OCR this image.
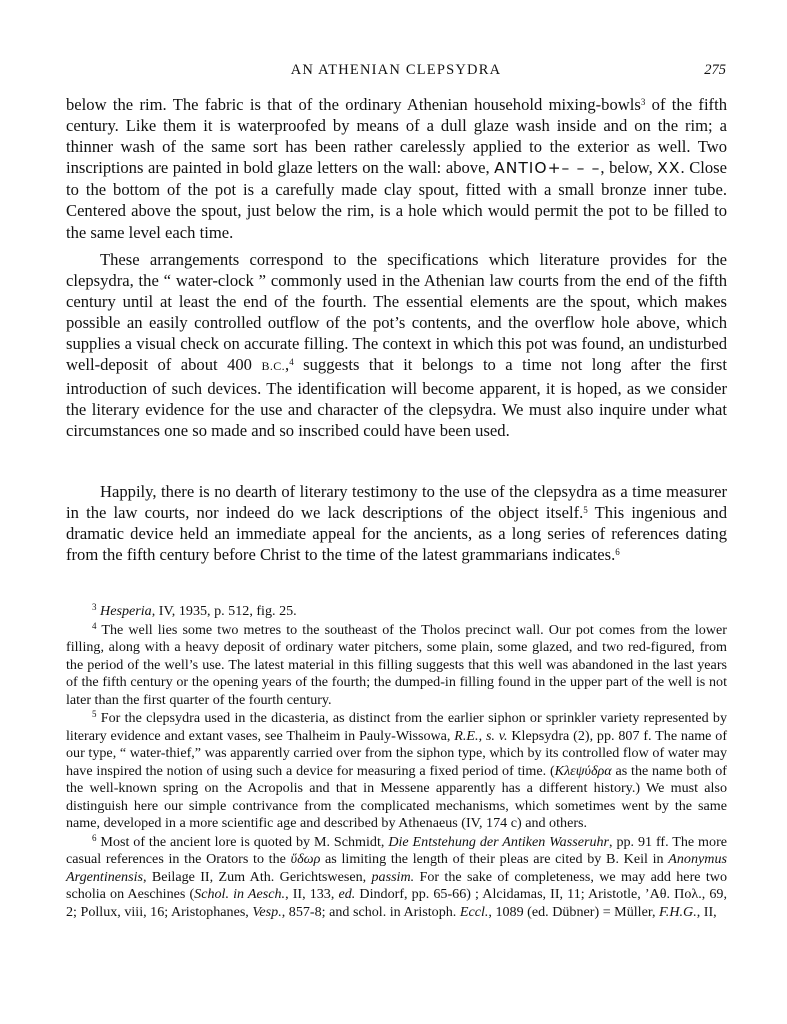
AN ATHENIAN CLEPSYDRA	275

below the rim. The fabric is that of the ordinary Athenian household mixing-bowls$^3$ of the fifth century. Like them it is waterproofed by means of a dull glaze wash inside and on the rim; a thinner wash of the same sort has been rather carelessly applied to the exterior as well. Two inscriptions are painted in bold glaze letters on the wall: above, ANTIO+– – –, below, XX. Close to the bottom of the pot is a carefully made clay spout, fitted with a small bronze inner tube. Centered above the spout, just below the rim, is a hole which would permit the pot to be filled to the same level each time.

These arrangements correspond to the specifications which literature provides for the clepsydra, the “ water-clock ” commonly used in the Athenian law courts from the end of the fifth century until at least the end of the fourth. The essential elements are the spout, which makes possible an easily controlled outflow of the pot’s contents, and the overflow hole above, which supplies a visual check on accurate filling. The context in which this pot was found, an undisturbed well-deposit of about 400 B.C.,$^4$ suggests that it belongs to a time not long after the first introduction of such devices. The identification will become apparent, it is hoped, as we consider the literary evidence for the use and character of the clepsydra. We must also inquire under what circumstances one so made and so inscribed could have been used.

Happily, there is no dearth of literary testimony to the use of the clepsydra as a time measurer in the law courts, nor indeed do we lack descriptions of the object itself.$^5$ This ingenious and dramatic device held an immediate appeal for the ancients, as a long series of references dating from the fifth century before Christ to the time of the latest grammarians indicates.$^6$

$^3$ Hesperia, IV, 1935, p. 512, fig. 25.

$^4$ The well lies some two metres to the southeast of the Tholos precinct wall. Our pot comes from the lower filling, along with a heavy deposit of ordinary water pitchers, some plain, some glazed, and two red-figured, from the period of the well’s use. The latest material in this filling suggests that this well was abandoned in the last years of the fifth century or the opening years of the fourth; the dumped-in filling found in the upper part of the well is not later than the first quarter of the fourth century.

$^5$ For the clepsydra used in the dicasteria, as distinct from the earlier siphon or sprinkler variety represented by literary evidence and extant vases, see Thalheim in Pauly-Wissowa, R.E., s. v. Klepsydra (2), pp. 807 f. The name of our type, “ water-thief,” was apparently carried over from the siphon type, which by its controlled flow of water may have inspired the notion of using such a device for measuring a fixed period of time. (Κλεψύδρα as the name both of the well-known spring on the Acropolis and that in Messene apparently has a different history.) We must also distinguish here our simple contrivance from the complicated mechanisms, which sometimes went by the same name, developed in a more scientific age and described by Athenaeus (IV, 174 c) and others.

$^6$ Most of the ancient lore is quoted by M. Schmidt, Die Entstehung der Antiken Wasseruhr, pp. 91 ff. The more casual references in the Orators to the ὕδωρ as limiting the length of their pleas are cited by B. Keil in Anonymus Argentinensis, Beilage II, Zum Ath. Gerichtswesen, passim. For the sake of completeness, we may add here two scholia on Aeschines (Schol. in Aesch., II, 133, ed. Dindorf, pp. 65-66) ; Alcidamas, II, 11; Aristotle, ’Αθ. Πολ., 69, 2; Pollux, viii, 16; Aristophanes, Vesp., 857-8; and schol. in Aristoph. Eccl., 1089 (ed. Dübner) = Müller, F.H.G., II,
